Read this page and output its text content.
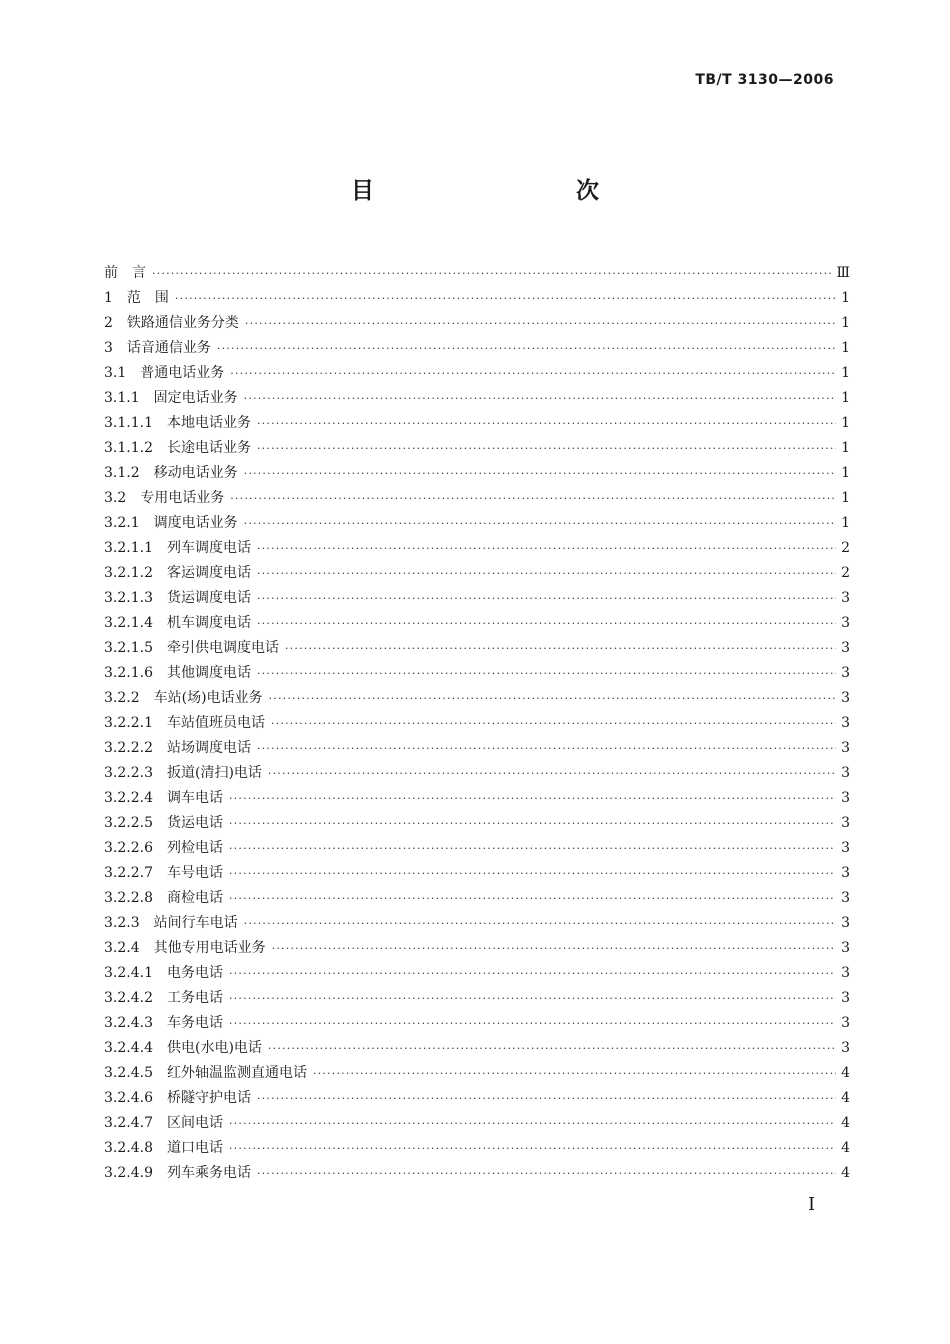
TB/T 3130—2006
目　　次
前　言 ·····	Ⅲ
1 范　围 ·····	1
2 铁路通信业务分类 ·····	1
3 话音通信业务 ·····	1
3.1 普通电话业务 ·····	1
3.1.1 固定电话业务 ·····	1
3.1.1.1 本地电话业务 ·····	1
3.1.1.2 长途电话业务 ·····	1
3.1.2 移动电话业务 ·····	1
3.2 专用电话业务 ·····	1
3.2.1 调度电话业务 ·····	1
3.2.1.1 列车调度电话 ·····	2
3.2.1.2 客运调度电话 ·····	2
3.2.1.3 货运调度电话 ·····	3
3.2.1.4 机车调度电话 ·····	3
3.2.1.5 牵引供电调度电话 ·····	3
3.2.1.6 其他调度电话 ·····	3
3.2.2 车站(场)电话业务 ·····	3
3.2.2.1 车站值班员电话 ·····	3
3.2.2.2 站场调度电话 ·····	3
3.2.2.3 扳道(清扫)电话 ·····	3
3.2.2.4 调车电话 ·····	3
3.2.2.5 货运电话 ·····	3
3.2.2.6 列检电话 ·····	3
3.2.2.7 车号电话 ·····	3
3.2.2.8 商检电话 ·····	3
3.2.3 站间行车电话 ·····	3
3.2.4 其他专用电话业务 ·····	3
3.2.4.1 电务电话 ·····	3
3.2.4.2 工务电话 ·····	3
3.2.4.3 车务电话 ·····	3
3.2.4.4 供电(水电)电话 ·····	3
3.2.4.5 红外轴温监测直通电话 ·····	4
3.2.4.6 桥隧守护电话 ·····	4
3.2.4.7 区间电话 ·····	4
3.2.4.8 道口电话 ·····	4
3.2.4.9 列车乘务电话 ·····	4
I
